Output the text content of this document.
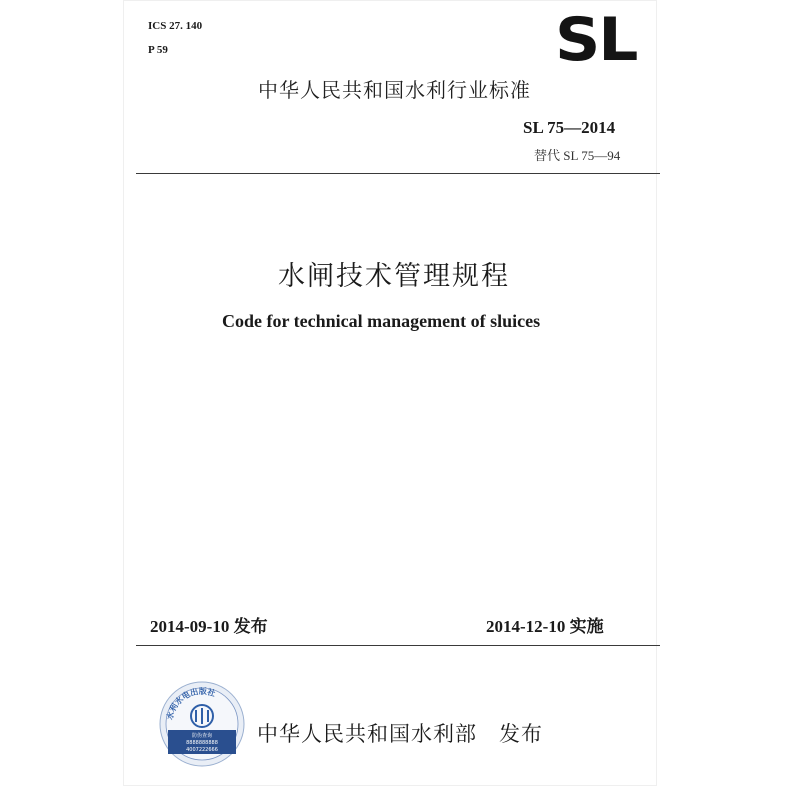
ICS 27. 140
P 59	SL
中华人民共和国水利行业标准
SL 75—2014
替代 SL 75—94
水闸技术管理规程
Code for technical management of sluices
2014-09-10 发布	2014-12-10 实施
水利水电出版社
防伪查询
8888888888
4007222666
中华人民共和国水利部　发布
